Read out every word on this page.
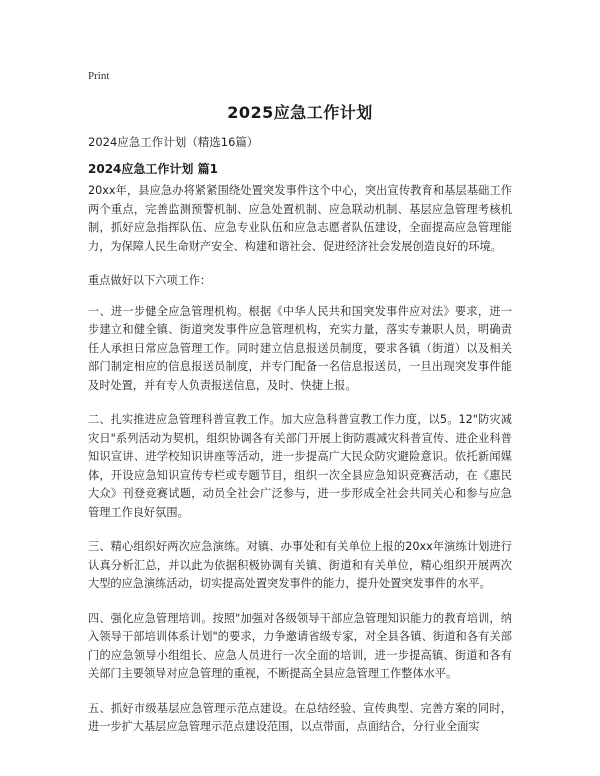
Print
2025应急工作计划
2024应急工作计划（精选16篇）
2024应急工作计划 篇1

20xx年，县应急办将紧紧围绕处置突发事件这个中心，突出宣传教育和基层基础工作两个重点，完善监测预警机制、应急处置机制、应急联动机制、基层应急管理考核机制，抓好应急指挥队伍、应急专业队伍和应急志愿者队伍建设，全面提高应急管理能力，为保障人民生命财产安全、构建和谐社会、促进经济社会发展创造良好的环境。

重点做好以下六项工作：

一、进一步健全应急管理机构。根据《中华人民共和国突发事件应对法》要求，进一步建立和健全镇、街道突发事件应急管理机构，充实力量，落实专兼职人员，明确责任人承担日常应急管理工作。同时建立信息报送员制度，要求各镇（街道）以及相关部门制定相应的信息报送员制度，并专门配备一名信息报送员，一旦出现突发事件能及时处置，并有专人负责报送信息，及时、快捷上报。

二、扎实推进应急管理科普宣教工作。加大应急科普宣教工作力度，以5。12"防灾减灾日"系列活动为契机，组织协调各有关部门开展上街防震减灾科普宣传、进企业科普知识宣讲、进学校知识讲座等活动，进一步提高广大民众防灾避险意识。依托新闻媒体，开设应急知识宣传专栏或专题节目，组织一次全县应急知识竞赛活动，在《惠民大众》刊登竞赛试题，动员全社会广泛参与，进一步形成全社会共同关心和参与应急管理工作良好氛围。

三、精心组织好两次应急演练。对镇、办事处和有关单位上报的20xx年演练计划进行认真分析汇总，并以此为依据积极协调有关镇、街道和有关单位，精心组织开展两次大型的应急演练活动，切实提高处置突发事件的能力，提升处置突发事件的水平。

四、强化应急管理培训。按照"加强对各级领导干部应急管理知识能力的教育培训，纳入领导干部培训体系计划"的要求，力争邀请省级专家，对全县各镇、街道和各有关部门的应急领导小组组长、应急人员进行一次全面的培训，进一步提高镇、街道和各有关部门主要领导对应急管理的重视，不断提高全县应急管理工作整体水平。

五、抓好市级基层应急管理示范点建设。在总结经验、宣传典型、完善方案的同时，进一步扩大基层应急管理示范点建设范围，以点带面，点面结合，分行业全面实
